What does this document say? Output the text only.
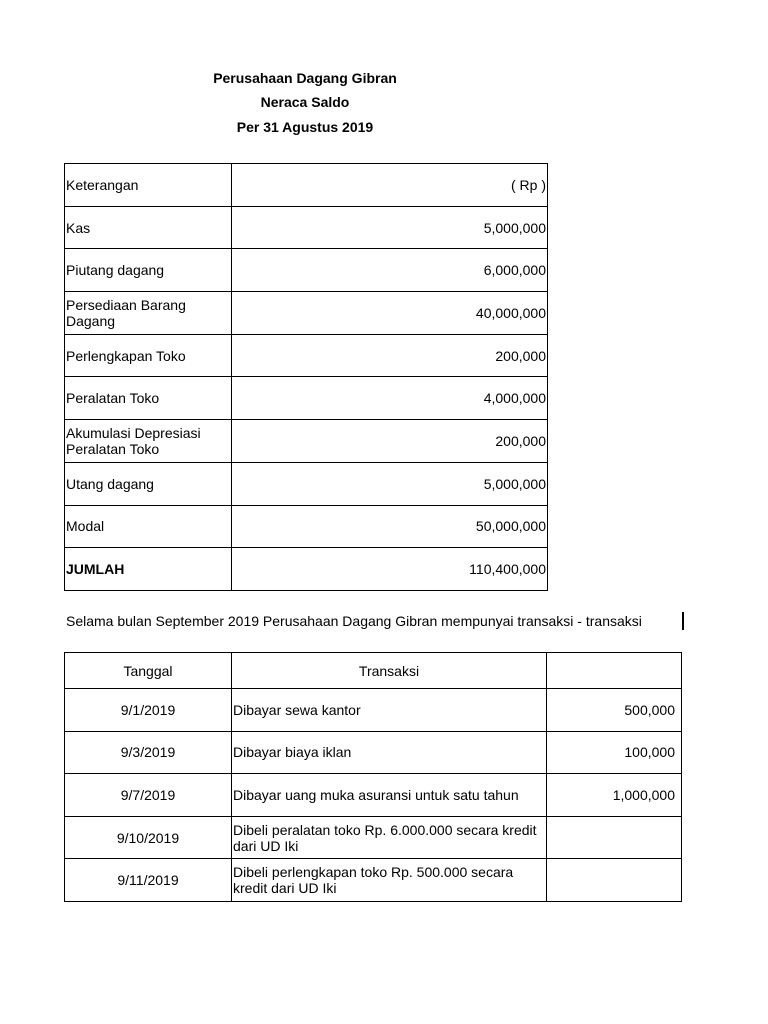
Perusahaan Dagang Gibran
Neraca Saldo
Per 31 Agustus 2019
Keterangan	( Rp )
Kas	5,000,000
Piutang dagang	6,000,000
Persediaan Barang Dagang	40,000,000
Perlengkapan Toko	200,000
Peralatan Toko	4,000,000
Akumulasi Depresiasi Peralatan Toko	200,000
Utang dagang	5,000,000
Modal	50,000,000
JUMLAH	110,400,000
Selama bulan September 2019 Perusahaan Dagang Gibran mempunyai transaksi - transaksi
Tanggal	Transaksi	
9/1/2019	Dibayar sewa kantor	500,000
9/3/2019	Dibayar biaya iklan	100,000
9/7/2019	Dibayar uang muka asuransi untuk satu tahun	1,000,000
9/10/2019	Dibeli peralatan toko Rp. 6.000.000 secara kredit dari UD Iki	
9/11/2019	Dibeli perlengkapan toko Rp. 500.000 secara kredit dari UD Iki	
